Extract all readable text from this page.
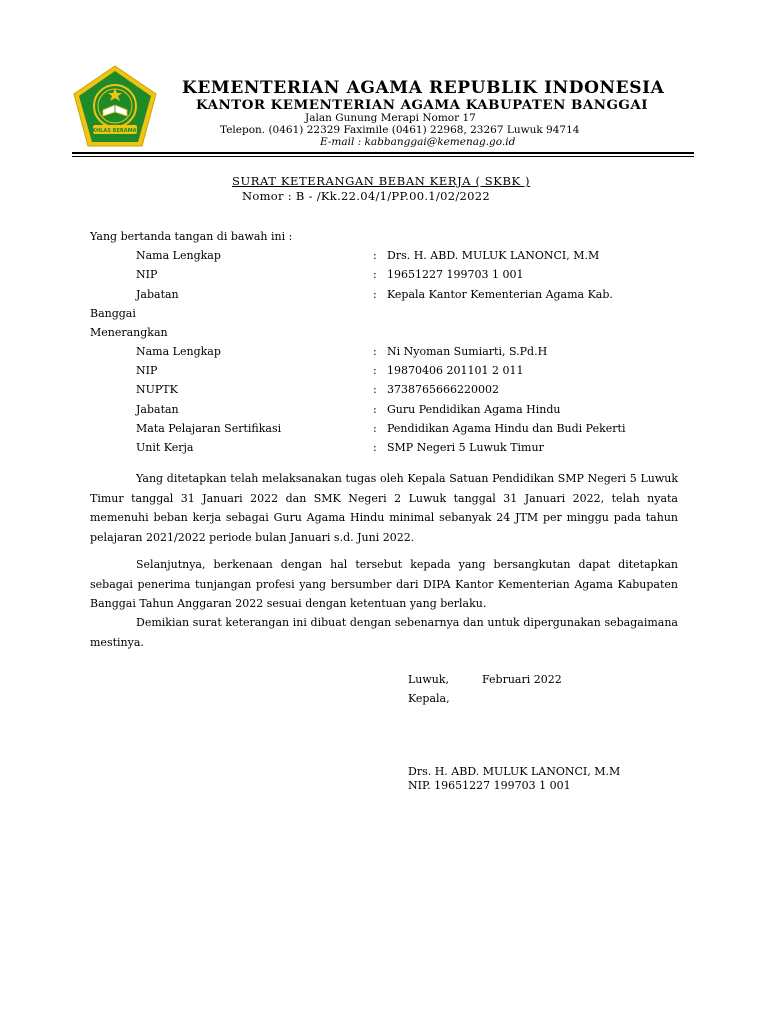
IKHLAS BERAMAL
KEMENTERIAN AGAMA REPUBLIK INDONESIA
KANTOR KEMENTERIAN AGAMA KABUPATEN BANGGAI
Jalan Gunung Merapi Nomor 17
Telepon. (0461) 22329 Faximile (0461) 22968, 23267 Luwuk 94714
E-mail : kabbanggai@kemenag.go.id
SURAT KETERANGAN BEBAN KERJA ( SKBK )
Nomor : B - /Kk.22.04/1/PP.00.1/02/2022
Yang bertanda tangan di bawah ini :
Nama Lengkap	: Drs. H. ABD. MULUK LANONCI, M.M
NIP	: 19651227 199703 1 001
Jabatan	: Kepala Kantor Kementerian Agama Kab.
Banggai
Menerangkan
Nama Lengkap	: Ni Nyoman Sumiarti, S.Pd.H
NIP	: 19870406 201101 2 011
NUPTK	: 3738765666220002
Jabatan	: Guru Pendidikan Agama Hindu
Mata Pelajaran Sertifikasi	: Pendidikan Agama Hindu dan Budi Pekerti
Unit Kerja	: SMP Negeri 5 Luwuk Timur
Yang ditetapkan telah melaksanakan tugas oleh Kepala Satuan Pendidikan SMP Negeri 5 Luwuk Timur tanggal 31 Januari 2022 dan SMK Negeri 2 Luwuk tanggal 31 Januari 2022, telah nyata memenuhi beban kerja sebagai Guru Agama Hindu minimal sebanyak 24 JTM per minggu pada tahun pelajaran 2021/2022 periode bulan Januari s.d. Juni 2022.
Selanjutnya, berkenaan dengan hal tersebut kepada yang bersangkutan dapat ditetapkan sebagai penerima tunjangan profesi yang bersumber dari DIPA Kantor Kementerian Agama Kabupaten Banggai Tahun Anggaran 2022 sesuai dengan ketentuan yang berlaku.
Demikian surat keterangan ini dibuat dengan sebenarnya dan untuk dipergunakan sebagaimana mestinya.
Luwuk,	Februari 2022
Kepala,
Drs. H. ABD. MULUK LANONCI, M.M
NIP. 19651227 199703 1 001
